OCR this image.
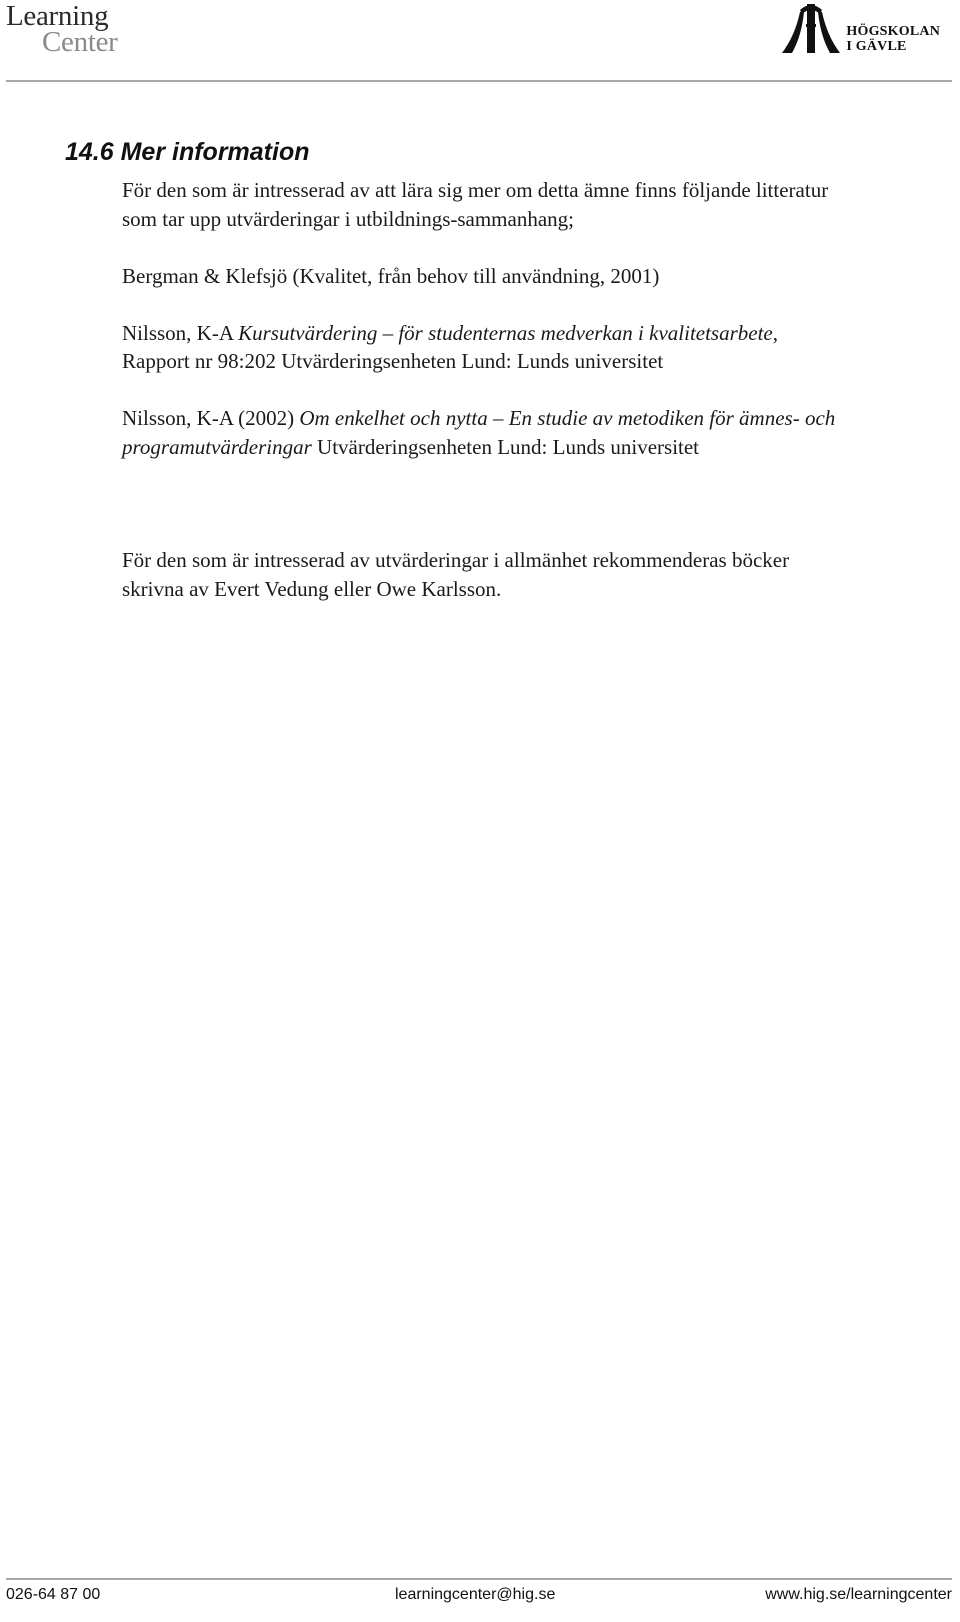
Learning
Center	HÖGSKOLAN
I GÄVLE
14.6 Mer information

För den som är intresserad av att lära sig mer om detta ämne finns följande litteratur som tar upp utvärderingar i utbildnings-sammanhang;

Bergman & Klefsjö (Kvalitet, från behov till användning, 2001)

Nilsson, K-A Kursutvärdering – för studenternas medverkan i kvalitetsarbete, Rapport nr 98:202 Utvärderingsenheten Lund: Lunds universitet

Nilsson, K-A (2002) Om enkelhet och nytta – En studie av metodiken för ämnes- och programutvärderingar Utvärderingsenheten Lund: Lunds universitet

För den som är intresserad av utvärderingar i allmänhet rekommenderas böcker skrivna av Evert Vedung eller Owe Karlsson.

026-64 87 00	learningcenter@hig.se	www.hig.se/learningcenter
